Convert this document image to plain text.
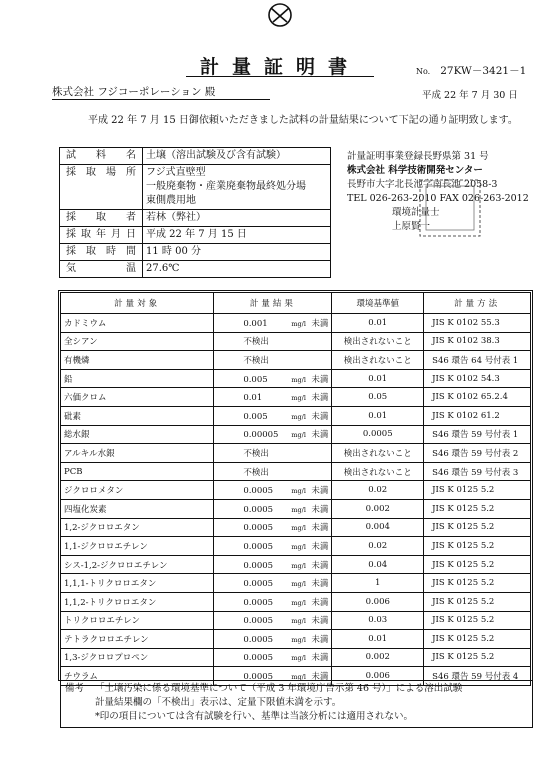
計量証明書	No. 27KW－3421－1
株式会社 フジコーポレーション 殿	平成 22 年 7 月 30 日
平成 22 年 7 月 15 日御依頼いただきました試料の計量結果について下記の通り証明致します。
試料名	土壌（溶出試験及び含有試験）
採取場所	フジ式直壁型
一般廃棄物・産業廃棄物最終処分場
東側農用地
採取者	若林（弊社）
採取年月日	平成 22 年 7 月 15 日
採取時間	11 時 00 分
気温	27.6℃
計量証明事業登録長野県第 31 号
株式会社 科学技術開発センター
長野市大字北長池字南長池 2058-3
TEL 026-263-2010 FAX 026-263-2012
環境計量士
上原賢一
計量対象	計量結果	環境基準値	計量方法
カドミウム	0.001 mg/l 未満	0.01	JIS K 0102 55.3
全シアン	不検出	検出されないこと	JIS K 0102 38.3
有機燐	不検出	検出されないこと	S46 環告 64 号付表 1
鉛	0.005 mg/l 未満	0.01	JIS K 0102 54.3
六価クロム	0.01 mg/l 未満	0.05	JIS K 0102 65.2.4
砒素	0.005 mg/l 未満	0.01	JIS K 0102 61.2
総水銀	0.00005 mg/l 未満	0.0005	S46 環告 59 号付表 1
アルキル水銀	不検出	検出されないこと	S46 環告 59 号付表 2
PCB	不検出	検出されないこと	S46 環告 59 号付表 3
ジクロロメタン	0.0005 mg/l 未満	0.02	JIS K 0125 5.2
四塩化炭素	0.0005 mg/l 未満	0.002	JIS K 0125 5.2
1,2-ジクロロエタン	0.0005 mg/l 未満	0.004	JIS K 0125 5.2
1,1-ジクロロエチレン	0.0005 mg/l 未満	0.02	JIS K 0125 5.2
シス-1,2-ジクロロエチレン	0.0005 mg/l 未満	0.04	JIS K 0125 5.2
1,1,1-トリクロロエタン	0.0005 mg/l 未満	1	JIS K 0125 5.2
1,1,2-トリクロロエタン	0.0005 mg/l 未満	0.006	JIS K 0125 5.2
トリクロロエチレン	0.0005 mg/l 未満	0.03	JIS K 0125 5.2
テトラクロロエチレン	0.0005 mg/l 未満	0.01	JIS K 0125 5.2
1,3-ジクロロプロペン	0.0005 mg/l 未満	0.002	JIS K 0125 5.2
チウラム	0.0005 mg/l 未満	0.006	S46 環告 59 号付表 4
備考 「土壌汚染に係る環境基準について（平成 3 年環境庁告示第 46 号）」による溶出試験
計量結果欄の「不検出」表示は、定量下限値未満を示す。
*印の項目については含有試験を行い、基準は当該分析には適用されない。
